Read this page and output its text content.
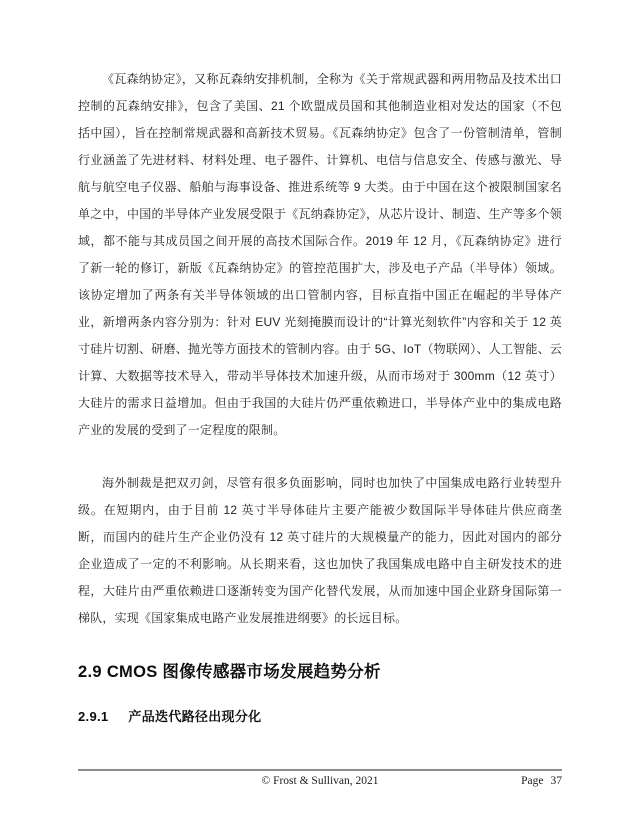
《瓦森纳协定》，又称瓦森纳安排机制，全称为《关于常规武器和两用物品及技术出口控制的瓦森纳安排》，包含了美国、21 个欧盟成员国和其他制造业相对发达的国家（不包括中国），旨在控制常规武器和高新技术贸易。《瓦森纳协定》包含了一份管制清单，管制行业涵盖了先进材料、材料处理、电子器件、计算机、电信与信息安全、传感与激光、导航与航空电子仪器、船舶与海事设备、推进系统等 9 大类。由于中国在这个被限制国家名单之中，中国的半导体产业发展受限于《瓦纳森协定》，从芯片设计、制造、生产等多个领域，都不能与其成员国之间开展的高技术国际合作。2019 年 12 月，《瓦森纳协定》进行了新一轮的修订，新版《瓦森纳协定》的管控范围扩大，涉及电子产品（半导体）领域。该协定增加了两条有关半导体领域的出口管制内容，目标直指中国正在崛起的半导体产业，新增两条内容分别为：针对 EUV 光刻掩膜而设计的“计算光刻软件”内容和关于 12 英寸硅片切割、研磨、抛光等方面技术的管制内容。由于 5G、IoT（物联网）、人工智能、云计算、大数据等技术导入，带动半导体技术加速升级，从而市场对于 300mm（12 英寸）大硅片的需求日益增加。但由于我国的大硅片仍严重依赖进口，半导体产业中的集成电路产业的发展的受到了一定程度的限制。

海外制裁是把双刃剑，尽管有很多负面影响，同时也加快了中国集成电路行业转型升级。在短期内，由于目前 12 英寸半导体硅片主要产能被少数国际半导体硅片供应商垄断，而国内的硅片生产企业仍没有 12 英寸硅片的大规模量产的能力，因此对国内的部分企业造成了一定的不利影响。从长期来看，这也加快了我国集成电路中自主研发技术的进程，大硅片由严重依赖进口逐渐转变为国产化替代发展，从而加速中国企业跻身国际第一梯队，实现《国家集成电路产业发展推进纲要》的长远目标。

2.9 CMOS 图像传感器市场发展趋势分析
2.9.1 产品迭代路径出现分化
© Frost & Sullivan, 2021	Page 37
